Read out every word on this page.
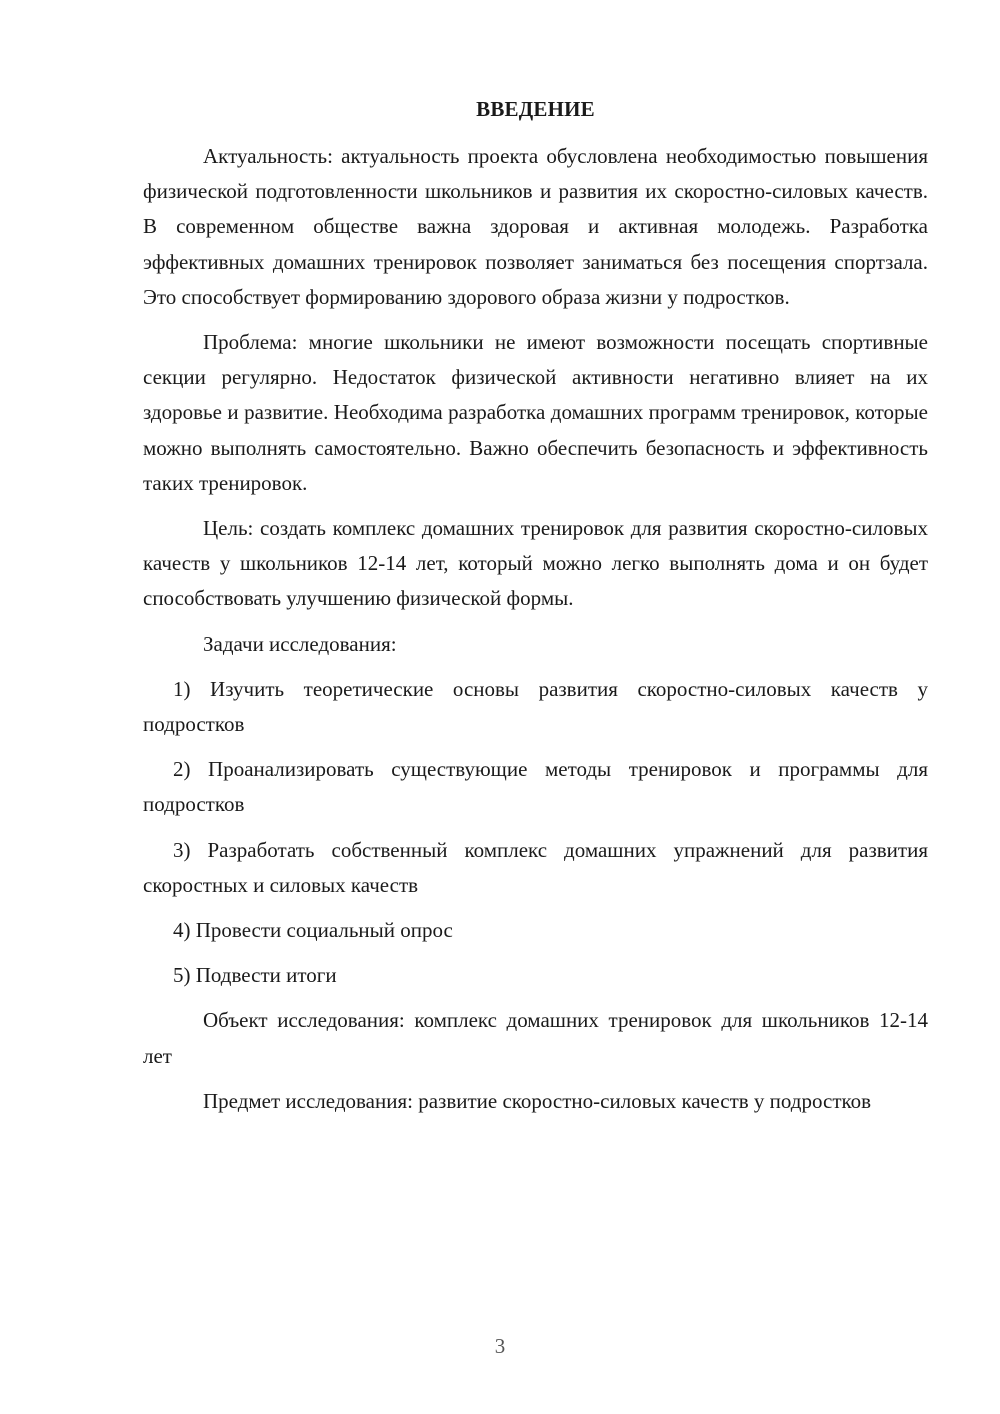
ВВЕДЕНИЕ

Актуальность: актуальность проекта обусловлена необходимостью повышения физической подготовленности школьников и развития их скоростно-силовых качеств. В современном обществе важна здоровая и активная молодежь. Разработка эффективных домашних тренировок позволяет заниматься без посещения спортзала. Это способствует формированию здорового образа жизни у подростков.

Проблема: многие школьники не имеют возможности посещать спортивные секции регулярно. Недостаток физической активности негативно влияет на их здоровье и развитие. Необходима разработка домашних программ тренировок, которые можно выполнять самостоятельно. Важно обеспечить безопасность и эффективность таких тренировок.

Цель: создать комплекс домашних тренировок для развития скоростно-силовых качеств у школьников 12-14 лет, который можно легко выполнять дома и он будет способствовать улучшению физической формы.

Задачи исследования:

1) Изучить теоретические основы развития скоростно-силовых качеств у подростков

2) Проанализировать существующие методы тренировок и программы для подростков

3) Разработать собственный комплекс домашних упражнений для развития скоростных и силовых качеств

4) Провести социальный опрос

5) Подвести итоги

Объект исследования: комплекс домашних тренировок для школьников 12-14 лет

Предмет исследования: развитие скоростно-силовых качеств у подростков

3
